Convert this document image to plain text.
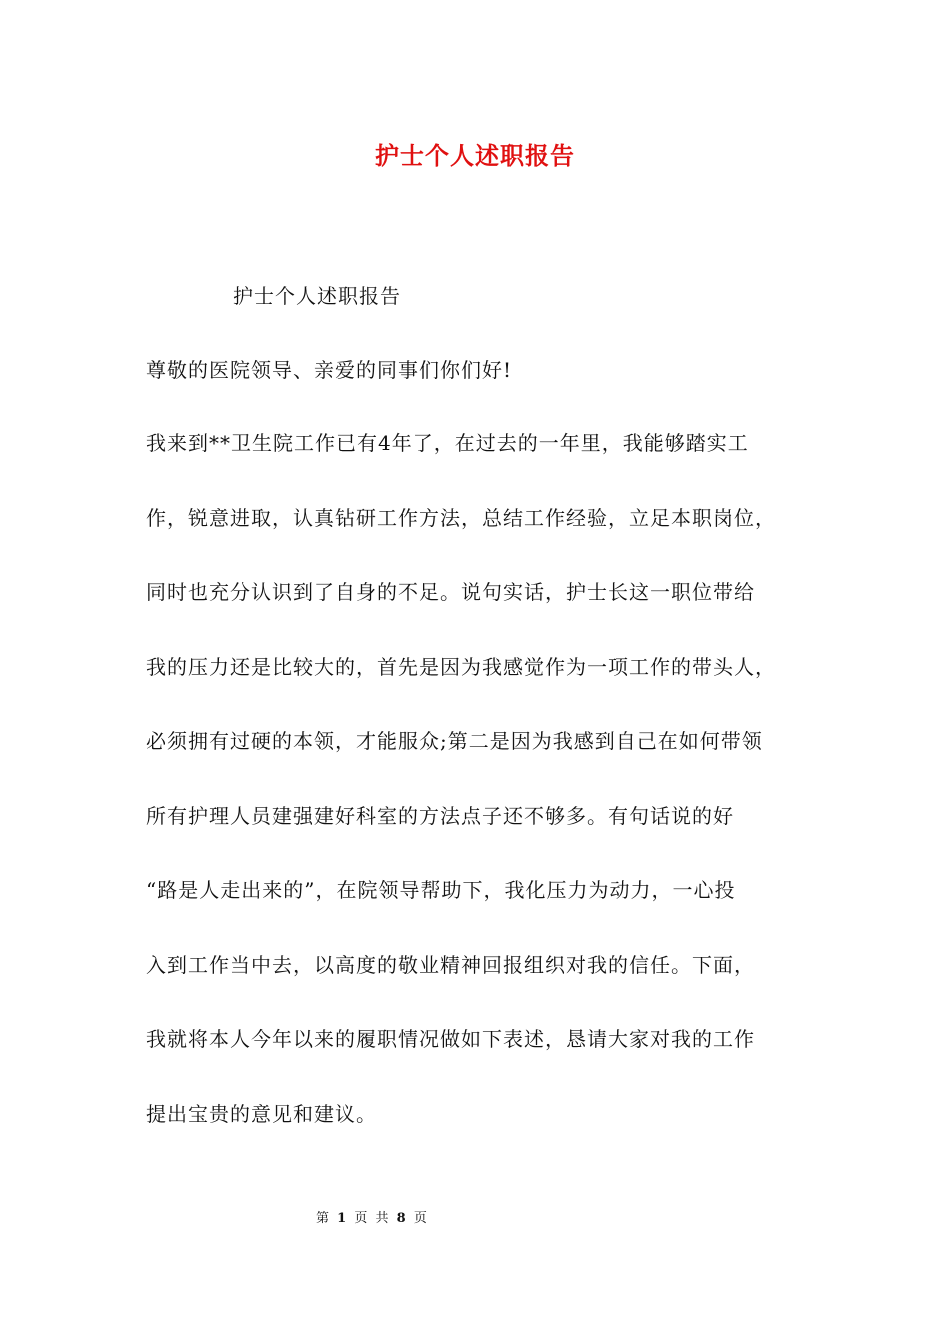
护士个人述职报告
护士个人述职报告
尊敬的医院领导、亲爱的同事们你们好!
我来到**卫生院工作已有4年了，在过去的一年里，我能够踏实工
作，锐意进取，认真钻研工作方法，总结工作经验，立足本职岗位，
同时也充分认识到了自身的不足。说句实话，护士长这一职位带给
我的压力还是比较大的，首先是因为我感觉作为一项工作的带头人，
必须拥有过硬的本领，才能服众;第二是因为我感到自己在如何带领
所有护理人员建强建好科室的方法点子还不够多。有句话说的好
“路是人走出来的”，在院领导帮助下，我化压力为动力，一心投
入到工作当中去，以高度的敬业精神回报组织对我的信任。下面，
我就将本人今年以来的履职情况做如下表述，恳请大家对我的工作
提出宝贵的意见和建议。
第 1 页 共 8 页
